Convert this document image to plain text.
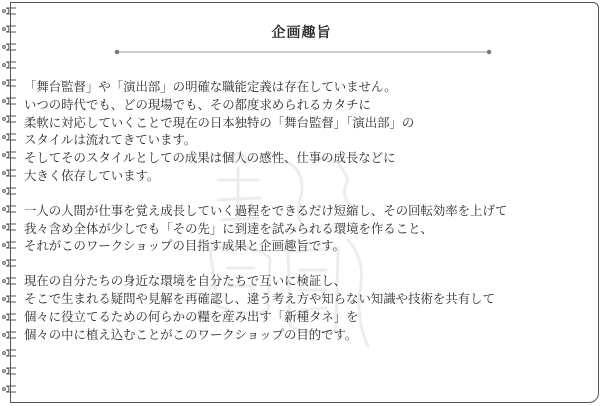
企画趣旨
「舞台監督」や「演出部」の明確な職能定義は存在していません。
いつの時代でも、どの現場でも、その都度求められるカタチに
柔軟に対応していくことで現在の日本独特の「舞台監督」「演出部」の
スタイルは流れてきています。
そしてそのスタイルとしての成果は個人の感性、仕事の成長などに
大きく依存しています。
一人の人間が仕事を覚え成長していく過程をできるだけ短縮し、その回転効率を上げて
我々含め全体が少しでも「その先」に到達を試みられる環境を作ること、
それがこのワークショップの目指す成果と企画趣旨です。
現在の自分たちの身近な環境を自分たちで互いに検証し、
そこで生まれる疑問や見解を再確認し、違う考え方や知らない知識や技術を共有して
個々に役立てるための何らかの糧を産み出す「新種タネ」を
個々の中に植え込むことがこのワークショップの目的です。
